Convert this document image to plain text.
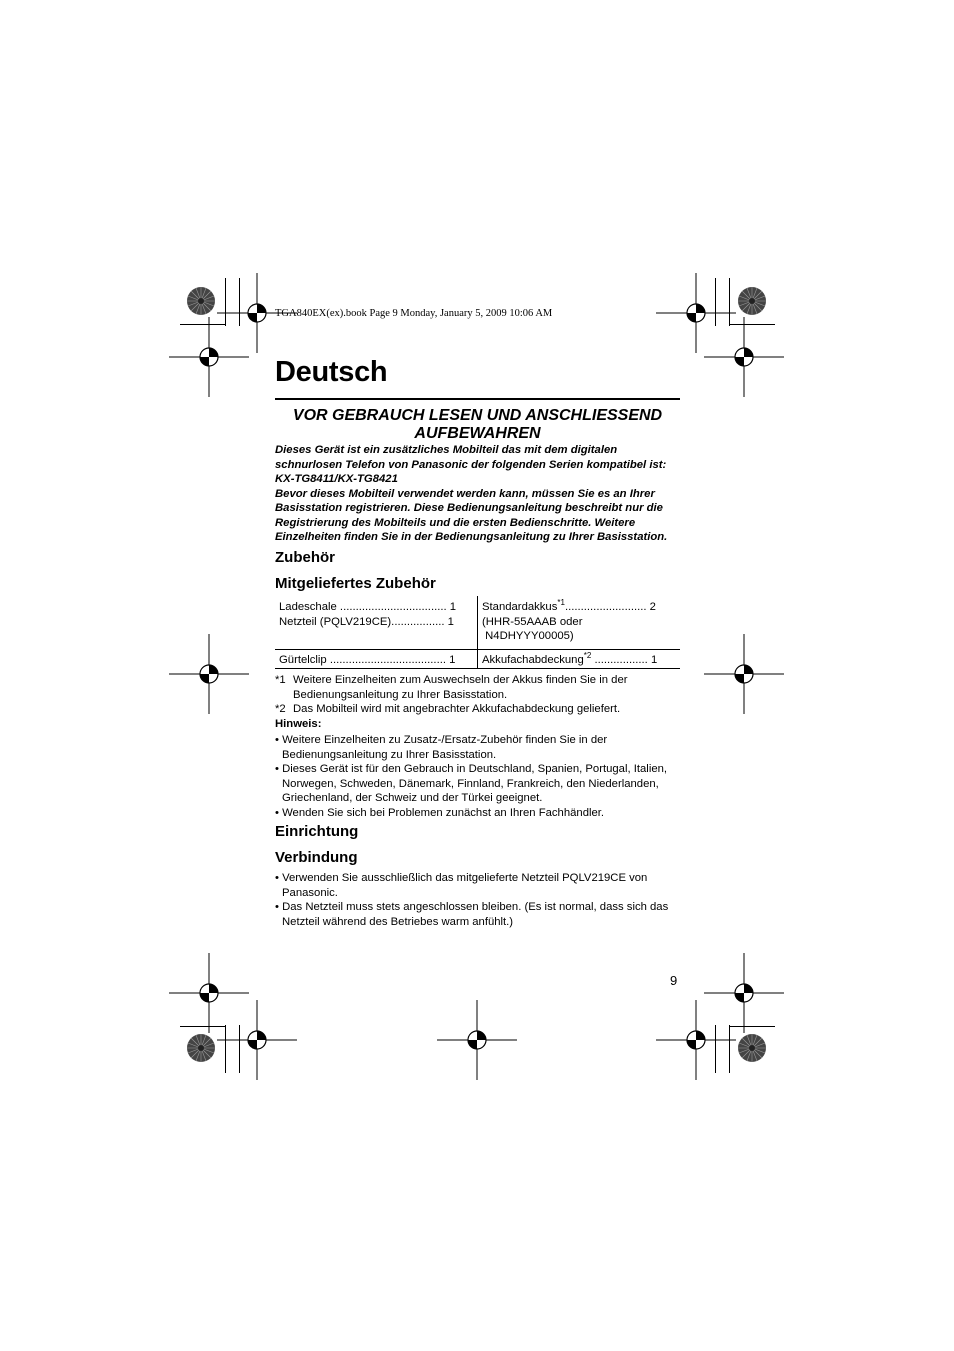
TGA840EX(ex).book Page 9 Monday, January 5, 2009 10:06 AM
Deutsch
VOR GEBRAUCH LESEN UND ANSCHLIESSEND
AUFBEWAHREN
Dieses Gerät ist ein zusätzliches Mobilteil das mit dem digitalen
schnurlosen Telefon von Panasonic der folgenden Serien kompatibel ist:
KX-TG8411/KX-TG8421
Bevor dieses Mobilteil verwendet werden kann, müssen Sie es an Ihrer
Basisstation registrieren. Diese Bedienungsanleitung beschreibt nur die
Registrierung des Mobilteils und die ersten Bedienschritte. Weitere
Einzelheiten finden Sie in der Bedienungsanleitung zu Ihrer Basisstation.
Zubehör
Mitgeliefertes Zubehör
Ladeschale .................................. 1
Netzteil (PQLV219CE)................. 1
Standardakkus$^{*1}$.......................... 2
(HHR-55AAAB oder
N4DHYYY00005)
Gürtelclip ..................................... 1 Akkufachabdeckung$^{*2}$ ................. 1
*1 Weitere Einzelheiten zum Auswechseln der Akkus finden Sie in der
Bedienungsanleitung zu Ihrer Basisstation.
*2 Das Mobilteil wird mit angebrachter Akkufachabdeckung geliefert.
Hinweis:
• Weitere Einzelheiten zu Zusatz-/Ersatz-Zubehör finden Sie in der
Bedienungsanleitung zu Ihrer Basisstation.
• Dieses Gerät ist für den Gebrauch in Deutschland, Spanien, Portugal, Italien,
Norwegen, Schweden, Dänemark, Finnland, Frankreich, den Niederlanden,
Griechenland, der Schweiz und der Türkei geeignet.
• Wenden Sie sich bei Problemen zunächst an Ihren Fachhändler.
Einrichtung
Verbindung
• Verwenden Sie ausschließlich das mitgelieferte Netzteil PQLV219CE von
Panasonic.
• Das Netzteil muss stets angeschlossen bleiben. (Es ist normal, dass sich das
Netzteil während des Betriebes warm anfühlt.)
9
